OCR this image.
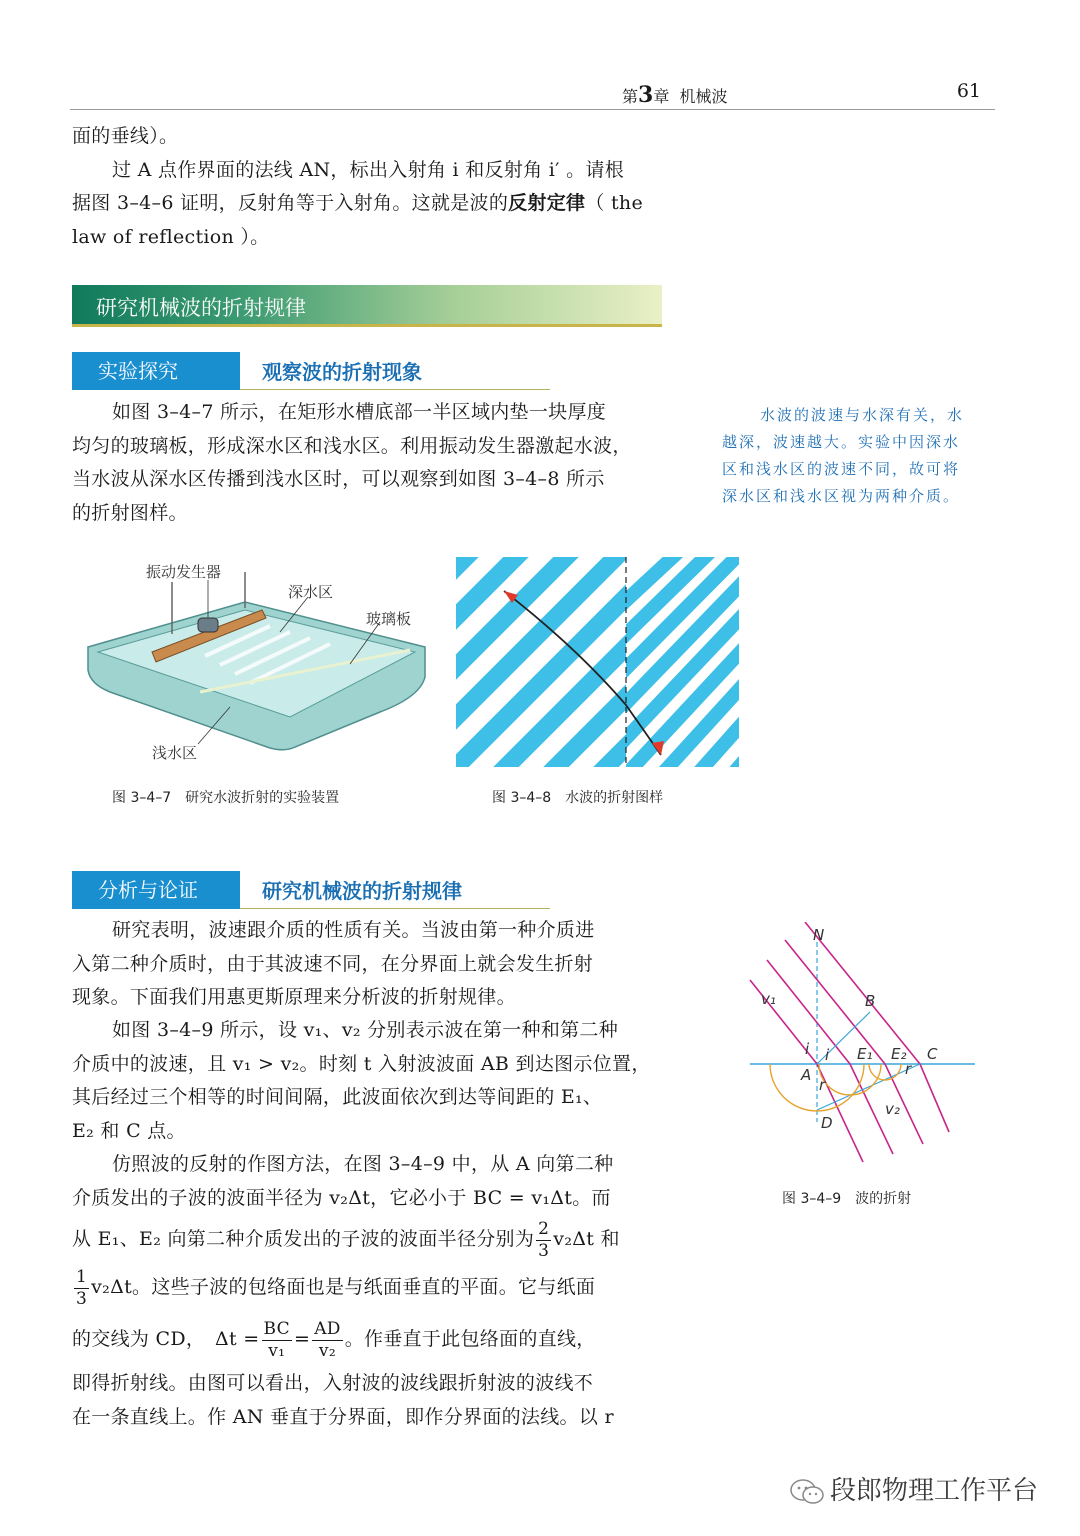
第3章 机械波	61

面的垂线）。

过 A 点作界面的法线 AN，标出入射角 i 和反射角 i′ 。请根

据图 3–4–6 证明，反射角等于入射角。这就是波的反射定律（ the

law of reflection ）。

研究机械波的折射规律
实验探究	观察波的折射现象

如图 3–4–7 所示，在矩形水槽底部一半区域内垫一块厚度

均匀的玻璃板，形成深水区和浅水区。利用振动发生器激起水波，

当水波从深水区传播到浅水区时，可以观察到如图 3–4–8 所示

的折射图样。

水波的波速与水深有关，水

越深，波速越大。实验中因深水

区和浅水区的波速不同，故可将

深水区和浅水区视为两种介质。

振动发生器
深水区
玻璃板
浅水区
图 3–4–7　研究水波折射的实验装置	图 3–4–8　水波的折射图样
分析与论证	研究机械波的折射规律

研究表明，波速跟介质的性质有关。当波由第一种介质进

入第二种介质时，由于其波速不同，在分界面上就会发生折射

现象。下面我们用惠更斯原理来分析波的折射规律。

如图 3–4–9 所示，设 v₁、v₂ 分别表示波在第一种和第二种

介质中的波速，且 v₁ > v₂。时刻 t 入射波波面 AB 到达图示位置，

其后经过三个相等的时间间隔，此波面依次到达等间距的 E₁、

E₂ 和 C 点。

仿照波的反射的作图方法，在图 3–4–9 中，从 A 向第二种

介质发出的子波的波面半径为 v₂Δt，它必小于 BC = v₁Δt。而

从 E₁、E₂ 向第二种介质发出的子波的波面半径分别为 $\frac{2}{3} v_2\Delta t$ 和

$\frac{1}{3} v_2\Delta t$。这些子波的包络面也是与纸面垂直的平面。它与纸面

的交线为 CD，　$\Delta t = \frac{BC}{\text{v₁}} = \frac{AD}{\text{v₂}}$ 。作垂直于此包络面的直线，

即得折射线。由图可以看出，入射波的波线跟折射波的波线不

在一条直线上。作 AN 垂直于分界面，即作分界面的法线。以 r

N
B
v₁
i i E₁ E₂ C
A
r
r
v₂
D
图 3–4–9　波的折射
段郎物理工作平台
